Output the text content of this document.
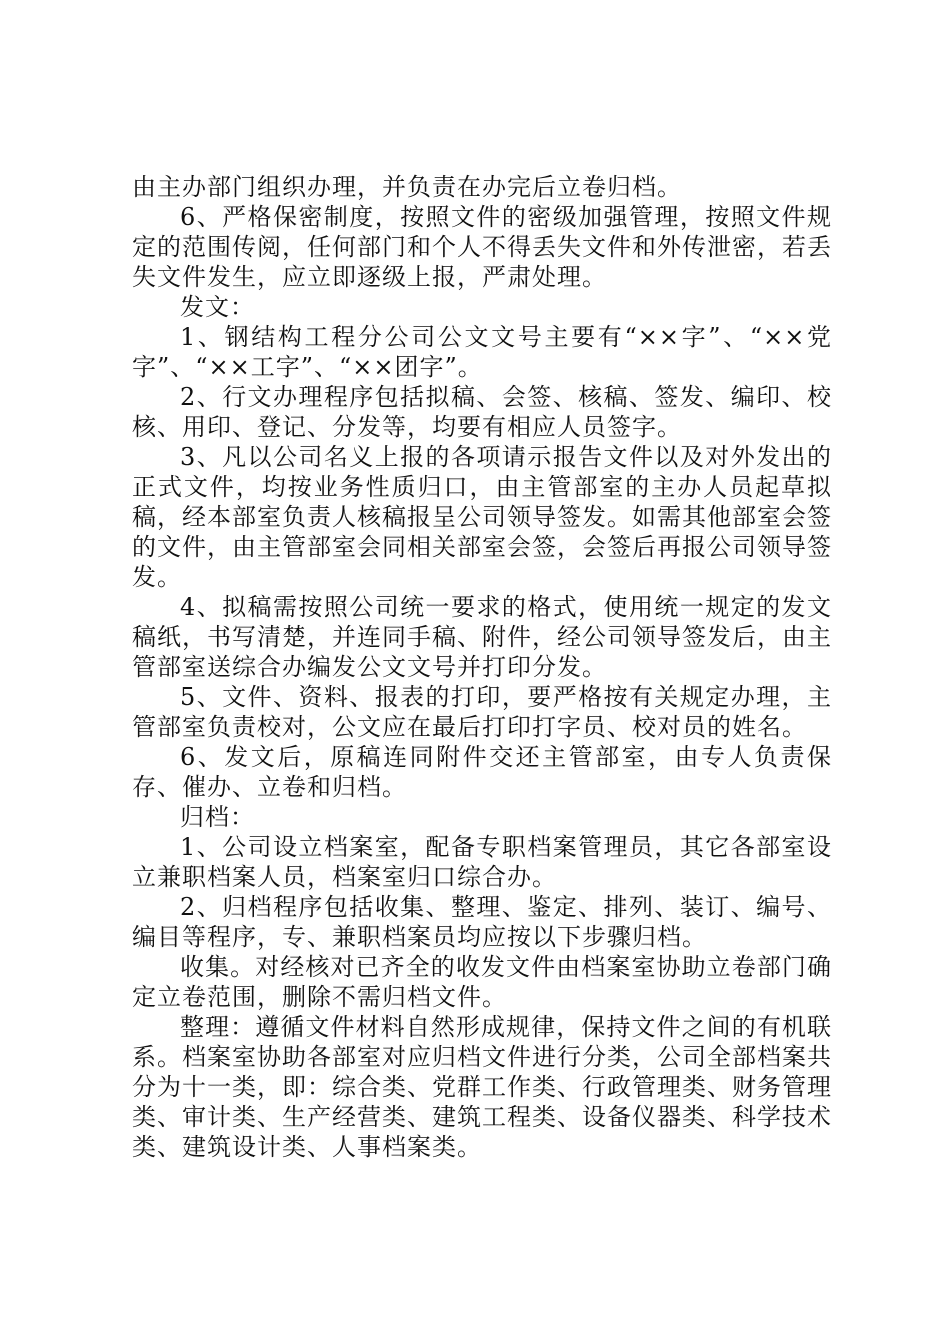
由主办部门组织办理，并负责在办完后立卷归档。

6、严格保密制度，按照文件的密级加强管理，按照文件规定的范围传阅，任何部门和个人不得丢失文件和外传泄密，若丢失文件发生，应立即逐级上报，严肃处理。

发文：

1、钢结构工程分公司公文文号主要有“××字”、“××党字”、“××工字”、“××团字”。

2、行文办理程序包括拟稿、会签、核稿、签发、编印、校核、用印、登记、分发等，均要有相应人员签字。

3、凡以公司名义上报的各项请示报告文件以及对外发出的正式文件，均按业务性质归口，由主管部室的主办人员起草拟稿，经本部室负责人核稿报呈公司领导签发。如需其他部室会签的文件，由主管部室会同相关部室会签，会签后再报公司领导签发。

4、拟稿需按照公司统一要求的格式，使用统一规定的发文稿纸，书写清楚，并连同手稿、附件，经公司领导签发后，由主管部室送综合办编发公文文号并打印分发。

5、文件、资料、报表的打印，要严格按有关规定办理，主管部室负责校对，公文应在最后打印打字员、校对员的姓名。

6、发文后，原稿连同附件交还主管部室，由专人负责保存、催办、立卷和归档。

归档：

1、公司设立档案室，配备专职档案管理员，其它各部室设立兼职档案人员，档案室归口综合办。

2、归档程序包括收集、整理、鉴定、排列、装订、编号、编目等程序，专、兼职档案员均应按以下步骤归档。

收集。对经核对已齐全的收发文件由档案室协助立卷部门确定立卷范围，删除不需归档文件。

整理：遵循文件材料自然形成规律，保持文件之间的有机联系。档案室协助各部室对应归档文件进行分类，公司全部档案共分为十一类，即：综合类、党群工作类、行政管理类、财务管理类、审计类、生产经营类、建筑工程类、设备仪器类、科学技术类、建筑设计类、人事档案类。
